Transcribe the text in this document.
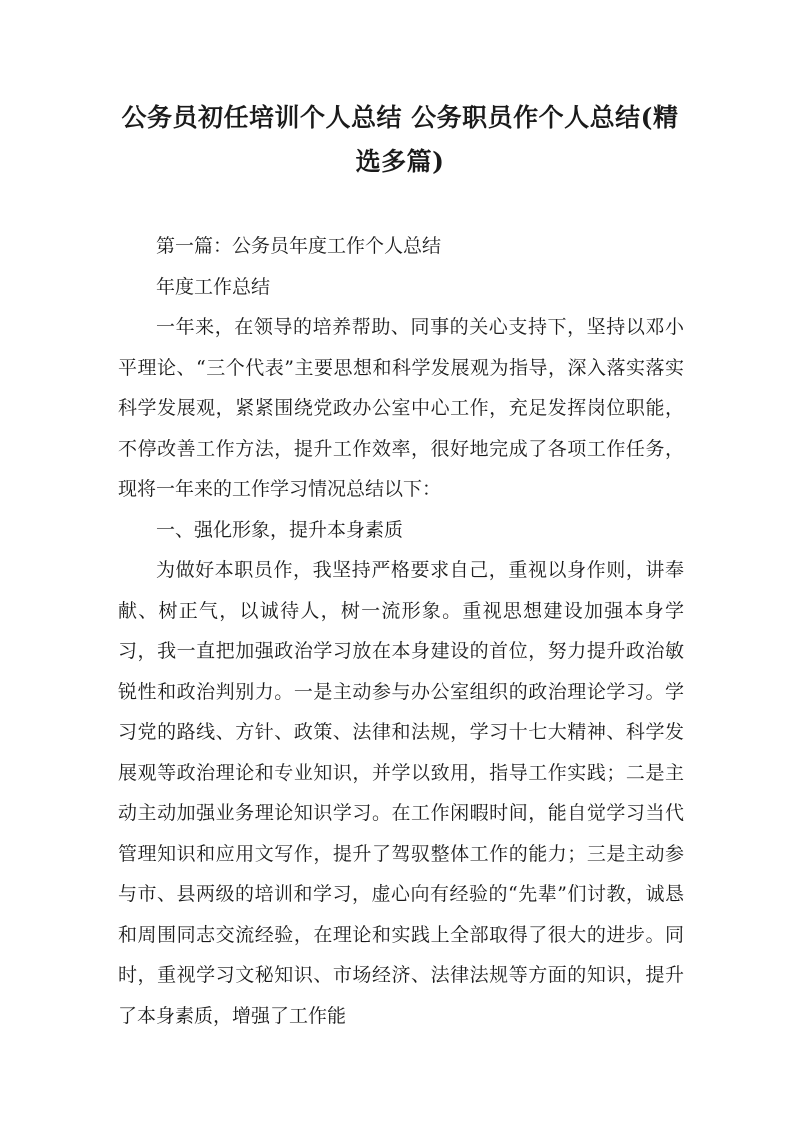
公务员初任培训个人总结 公务职员作个人总结(精选多篇)

第一篇：公务员年度工作个人总结

年度工作总结

一年来，在领导的培养帮助、同事的关心支持下，坚持以邓小平理论、“三个代表”主要思想和科学发展观为指导，深入落实落实科学发展观，紧紧围绕党政办公室中心工作，充足发挥岗位职能，不停改善工作方法，提升工作效率，很好地完成了各项工作任务，现将一年来的工作学习情况总结以下：

一、强化形象，提升本身素质

为做好本职员作，我坚持严格要求自己，重视以身作则，讲奉献、树正气，以诚待人，树一流形象。重视思想建设加强本身学习，我一直把加强政治学习放在本身建设的首位，努力提升政治敏锐性和政治判别力。一是主动参与办公室组织的政治理论学习。学习党的路线、方针、政策、法律和法规，学习十七大精神、科学发展观等政治理论和专业知识，并学以致用，指导工作实践；二是主动主动加强业务理论知识学习。在工作闲暇时间，能自觉学习当代管理知识和应用文写作，提升了驾驭整体工作的能力；三是主动参与市、县两级的培训和学习，虚心向有经验的“先辈”们讨教，诚恳和周围同志交流经验，在理论和实践上全部取得了很大的进步。同时，重视学习文秘知识、市场经济、法律法规等方面的知识，提升了本身素质，增强了工作能
